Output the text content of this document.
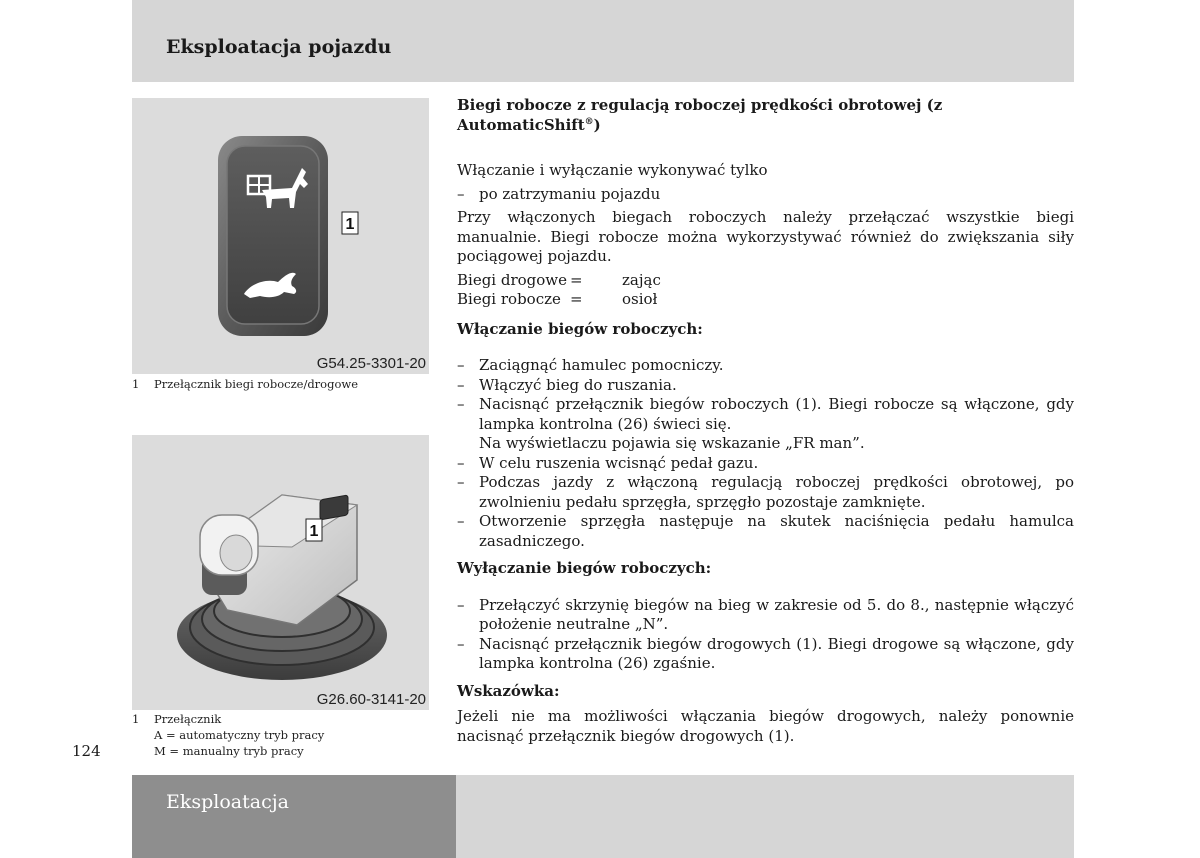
Eksploatacja pojazdu
1
G54.25-3301-20
1 Przełącznik biegi robocze/drogowe
1
G26.60-3141-20
1 Przełącznik
A = automatyczny tryb pracy
M = manualny tryb pracy
124

Biegi robocze z regulacją roboczej prędkości obrotowej (z AutomaticShift®)

Włączanie i wyłączanie wykonywać tylko

– po zatrzymaniu pojazdu

Przy włączonych biegach roboczych należy przełączać wszystkie biegi manualnie. Biegi robocze można wykorzystywać również do zwiększania siły pociągowej pojazdu.

Biegi drogowe =	zając
Biegi robocze =	osioł

Włączanie biegów roboczych:

– Zaciągnąć hamulec pomocniczy.
– Włączyć bieg do ruszania.
– Nacisnąć przełącznik biegów roboczych (1). Biegi robocze są włączone, gdy lampka kontrolna (26) świeci się.
Na wyświetlaczu pojawia się wskazanie „FR man”.
– W celu ruszenia wcisnąć pedał gazu.
– Podczas jazdy z włączoną regulacją roboczej prędkości obrotowej, po zwolnieniu pedału sprzęgła, sprzęgło pozostaje zamknięte.
– Otworzenie sprzęgła następuje na skutek naciśnięcia pedału hamulca zasadniczego.

Wyłączanie biegów roboczych:

– Przełączyć skrzynię biegów na bieg w zakresie od 5. do 8., następnie włączyć położenie neutralne „N”.
– Nacisnąć przełącznik biegów drogowych (1). Biegi drogowe są włączone, gdy lampka kontrolna (26) zgaśnie.

Wskazówka:

Jeżeli nie ma możliwości włączania biegów drogowych, należy ponownie nacisnąć przełącznik biegów drogowych (1).

Eksploatacja
